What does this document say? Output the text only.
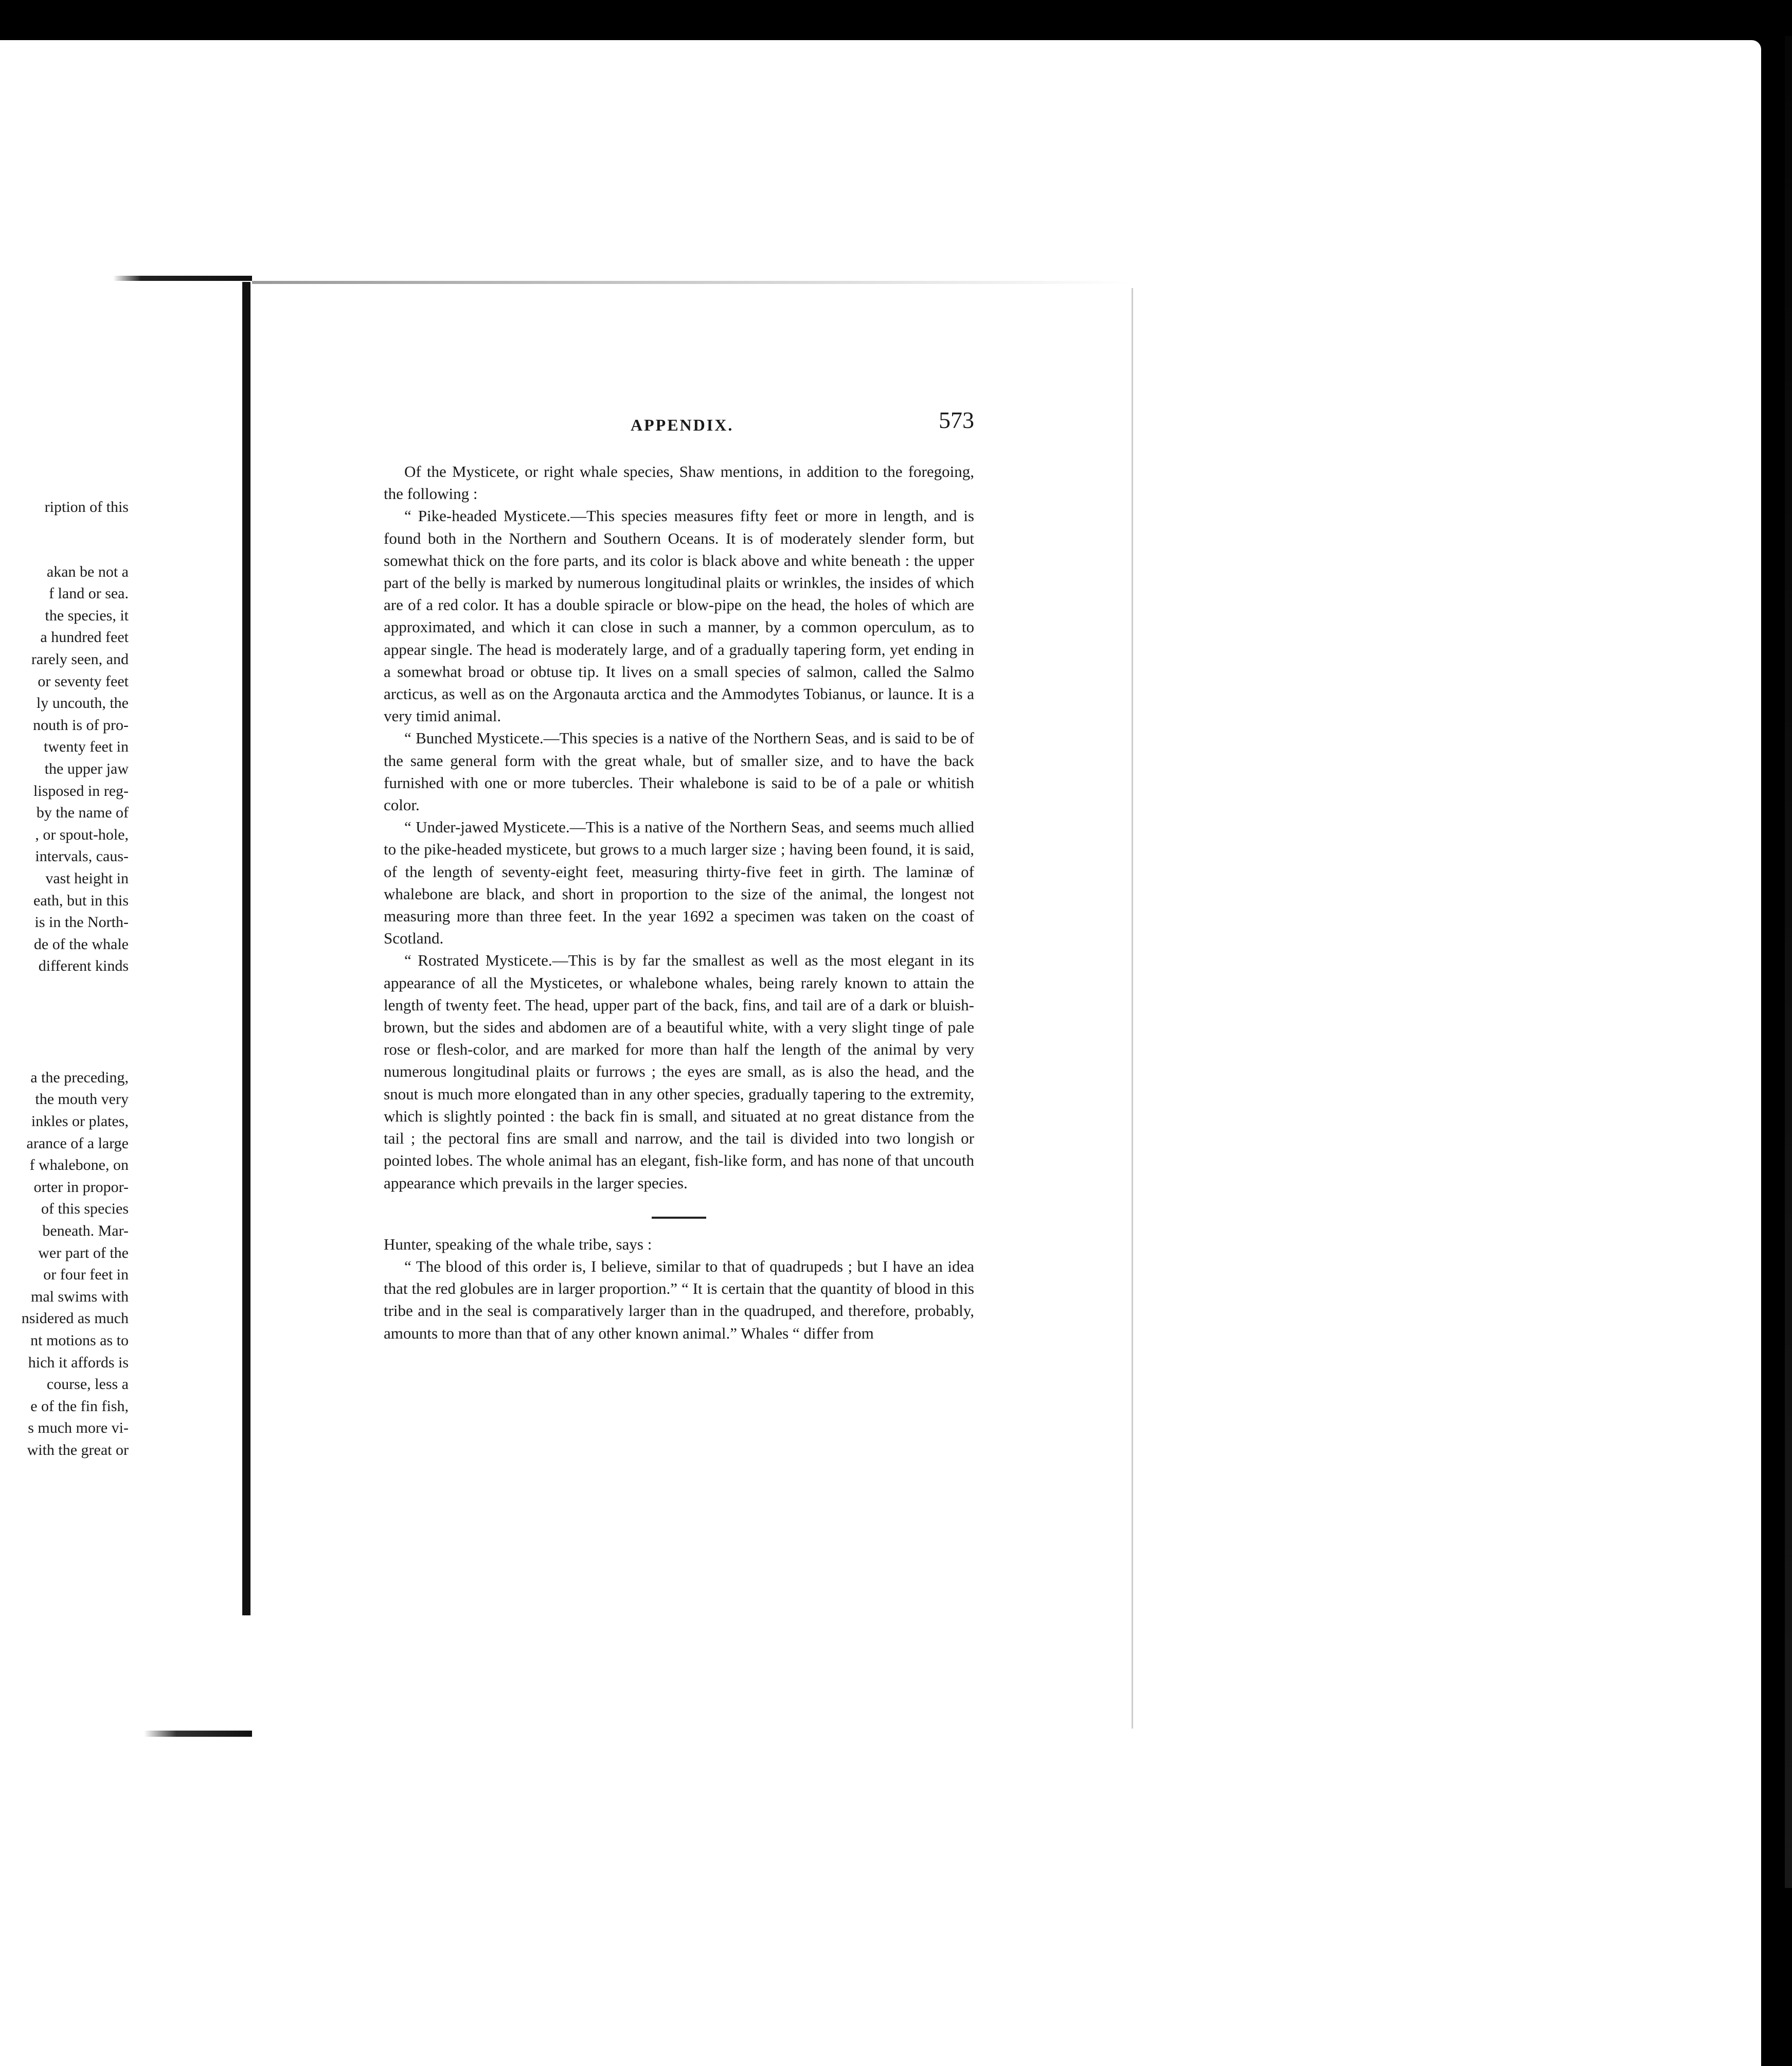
ription of this
akan be not a
f land or sea.
the species, it
a hundred feet
rarely seen, and
or seventy feet
ly uncouth, the
nouth is of pro-
twenty feet in
the upper jaw
lisposed in reg-
by the name of
, or spout-hole,
intervals, caus-
vast height in
eath, but in this
is in the North-
de of the whale
different kinds
a the preceding,
the mouth very
inkles or plates,
arance of a large
f whalebone, on
orter in propor-
of this species
beneath. Mar-
wer part of the
or four feet in
mal swims with
nsidered as much
nt motions as to
hich it affords is
course, less a
e of the fin fish,
s much more vi-
with the great or
APPENDIX.	573

Of the Mysticete, or right whale species, Shaw mentions, in addition to the foregoing, the following :

“ Pike-headed Mysticete.—This species measures fifty feet or more in length, and is found both in the Northern and Southern Oceans. It is of moderately slender form, but somewhat thick on the fore parts, and its color is black above and white beneath : the upper part of the belly is marked by numerous longitudinal plaits or wrinkles, the insides of which are of a red color. It has a double spiracle or blow-pipe on the head, the holes of which are approximated, and which it can close in such a manner, by a common operculum, as to appear single. The head is moderately large, and of a gradually tapering form, yet ending in a somewhat broad or obtuse tip. It lives on a small species of salmon, called the Salmo arcticus, as well as on the Argonauta arctica and the Ammodytes Tobianus, or launce. It is a very timid animal.

“ Bunched Mysticete.—This species is a native of the Northern Seas, and is said to be of the same general form with the great whale, but of smaller size, and to have the back furnished with one or more tubercles. Their whalebone is said to be of a pale or whitish color.

“ Under-jawed Mysticete.—This is a native of the Northern Seas, and seems much allied to the pike-headed mysticete, but grows to a much larger size ; having been found, it is said, of the length of seventy-eight feet, measuring thirty-five feet in girth. The laminæ of whalebone are black, and short in proportion to the size of the animal, the longest not measuring more than three feet. In the year 1692 a specimen was taken on the coast of Scotland.

“ Rostrated Mysticete.—This is by far the smallest as well as the most elegant in its appearance of all the Mysticetes, or whalebone whales, being rarely known to attain the length of twenty feet. The head, upper part of the back, fins, and tail are of a dark or bluish-brown, but the sides and abdomen are of a beautiful white, with a very slight tinge of pale rose or flesh-color, and are marked for more than half the length of the animal by very numerous longitudinal plaits or furrows ; the eyes are small, as is also the head, and the snout is much more elongated than in any other species, gradually tapering to the extremity, which is slightly pointed : the back fin is small, and situated at no great distance from the tail ; the pectoral fins are small and narrow, and the tail is divided into two longish or pointed lobes. The whole animal has an elegant, fish-like form, and has none of that uncouth appearance which prevails in the larger species.

Hunter, speaking of the whale tribe, says :

“ The blood of this order is, I believe, similar to that of quadrupeds ; but I have an idea that the red globules are in larger proportion.” “ It is certain that the quantity of blood in this tribe and in the seal is comparatively larger than in the quadruped, and therefore, probably, amounts to more than that of any other known animal.” Whales “ differ from
